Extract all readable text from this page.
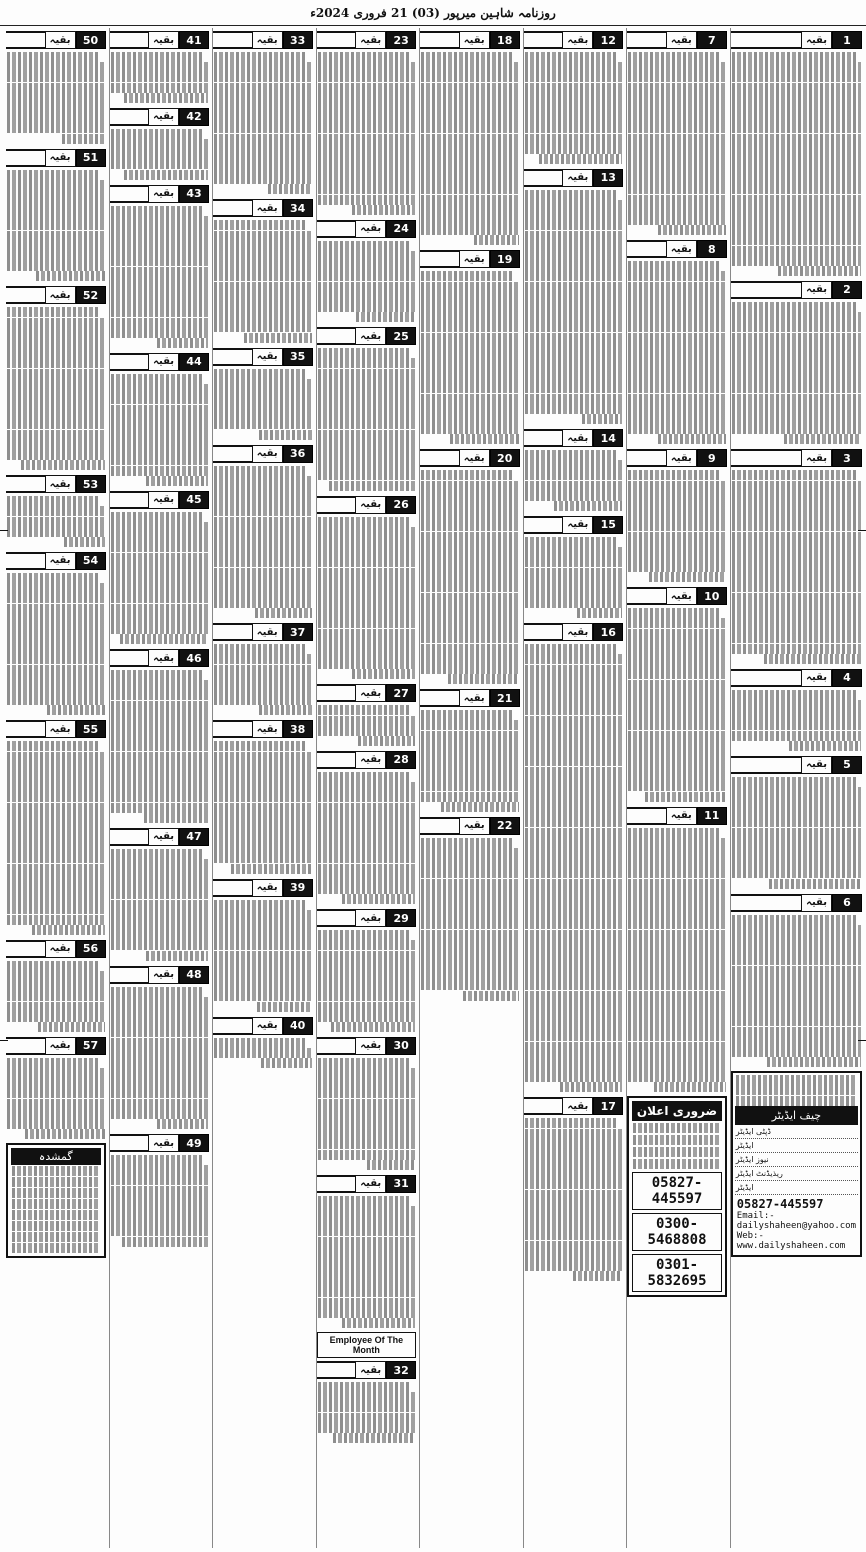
روزنامہ شاہین میرپور (03) 21 فروری 2024ء
1
بقیہ
2
بقیہ
3
بقیہ
4
بقیہ
5
بقیہ
6
بقیہ
چیف ایڈیٹر
ڈپٹی ایڈیٹر
ایڈیٹر
نیوز ایڈیٹر
ریذیڈنٹ ایڈیٹر
ایڈیٹر
05827-445597
Email:-dailyshaheen@yahoo.com
Web:-www.dailyshaheen.com
7
بقیہ
8
بقیہ
9
بقیہ
10
بقیہ
11
بقیہ
ضروری اعلان
05827-445597
0300-5468808
0301-5832695
12
بقیہ
13
بقیہ
14
بقیہ
15
بقیہ
16
بقیہ
17
بقیہ
18
بقیہ
19
بقیہ
20
بقیہ
21
بقیہ
22
بقیہ
23
بقیہ
24
بقیہ
25
بقیہ
26
بقیہ
27
بقیہ
28
بقیہ
29
بقیہ
30
بقیہ
31
بقیہ
Employee Of The Month
32
بقیہ
33
بقیہ
34
بقیہ
35
بقیہ
36
بقیہ
37
بقیہ
38
بقیہ
39
بقیہ
40
بقیہ
41
بقیہ
42
بقیہ
43
بقیہ
44
بقیہ
45
بقیہ
46
بقیہ
47
بقیہ
48
بقیہ
49
بقیہ
50
بقیہ
51
بقیہ
52
بقیہ
53
بقیہ
54
بقیہ
55
بقیہ
56
بقیہ
57
بقیہ
گمشدہ
